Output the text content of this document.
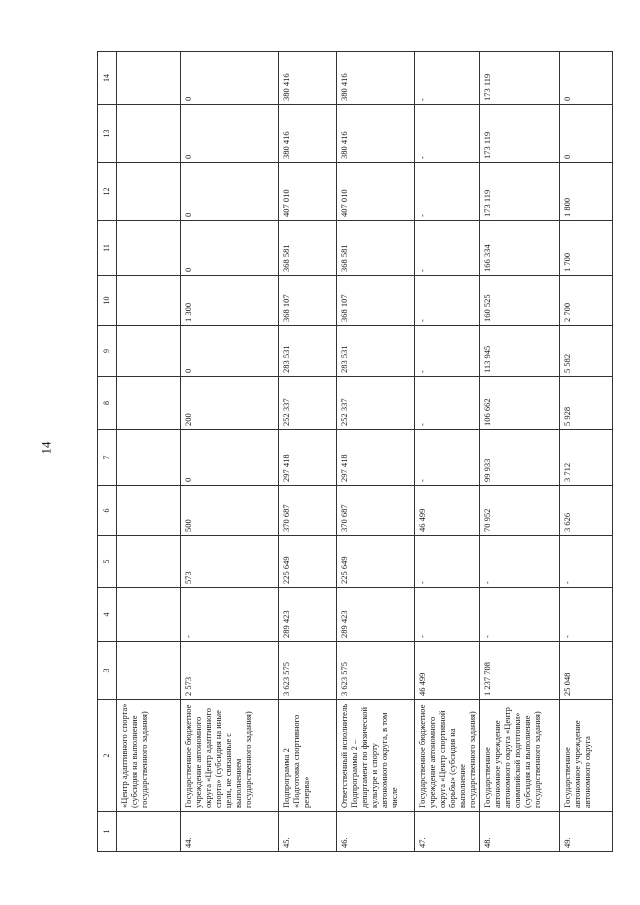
14
1	2	3	4	5	6	7	8	9	10	11	12	13	14
	«Центр адаптивного спорта» (субсидия на выполнение государственного задания)												
44.	Государственное бюджетное учреждение автономного округа «Центр адаптивного спорта» (субсидия на иные цели, не связанные с выполнением государственного задания)	2 573	-	573	500	0	200	0	1 300	0	0	0	0
45.	Подпрограмма 2 «Подготовка спортивного резерва»	3 623 575	289 423	225 649	370 687	297 418	252 337	283 531	368 107	368 581	407 010	380 416	380 416
46.	Ответственный исполнитель Подпрограммы 2 – департамент по физической культуре и спорту автономного округа, в том числе	3 623 575	289 423	225 649	370 687	297 418	252 337	283 531	368 107	368 581	407 010	380 416	380 416
47.	Государственное бюджетное учреждение автономного округа «Центр спортивной борьбы» (субсидия на выполнение государственного задания)	46 499	-	-	46 499	-	-	-	-	-	-	-	-
48.	Государственное автономное учреждение автономного округа «Центр олимпийской подготовки» (субсидия на выполнение государственного задания)	1 237 708	-	-	70 952	99 933	106 662	113 945	160 525	166 334	173 119	173 119	173 119
49.	Государственное автономное учреждение автономного округа	25 048	-	-	3 626	3 712	5 928	5 582	2 700	1 700	1 800	0	0
